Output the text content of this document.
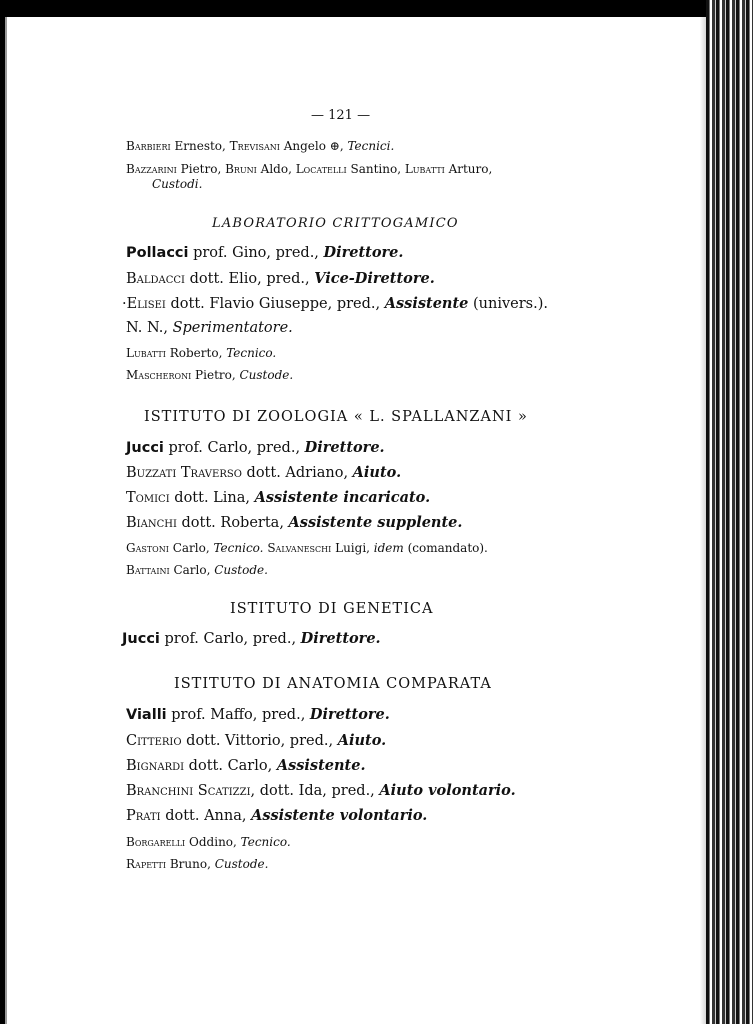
— 121 —
Barbieri Ernesto, Trevisani Angelo ⊕, Tecnici.
Bazzarini Pietro, Bruni Aldo, Locatelli Santino, Lubatti Arturo,
Custodi.
LABORATORIO CRITTOGAMICO
Pollacci prof. Gino, pred., Direttore.
Baldacci dott. Elio, pred., Vice-Direttore.
·Elisei dott. Flavio Giuseppe, pred., Assistente (univers.).
N. N., Sperimentatore.
Lubatti Roberto, Tecnico.
Mascheroni Pietro, Custode.
ISTITUTO DI ZOOLOGIA « L. SPALLANZANI »
Jucci prof. Carlo, pred., Direttore.
Buzzati Traverso dott. Adriano, Aiuto.
Tomici dott. Lina, Assistente incaricato.
Bianchi dott. Roberta, Assistente supplente.
Gastoni Carlo, Tecnico. Salvaneschi Luigi, idem (comandato).
Battaini Carlo, Custode.
ISTITUTO DI GENETICA
Jucci prof. Carlo, pred., Direttore.
ISTITUTO DI ANATOMIA COMPARATA
Vialli prof. Maffo, pred., Direttore.
Citterio dott. Vittorio, pred., Aiuto.
Bignardi dott. Carlo, Assistente.
Branchini Scatizzi, dott. Ida, pred., Aiuto volontario.
Prati dott. Anna, Assistente volontario.
Borgarelli Oddino, Tecnico.
Rapetti Bruno, Custode.
